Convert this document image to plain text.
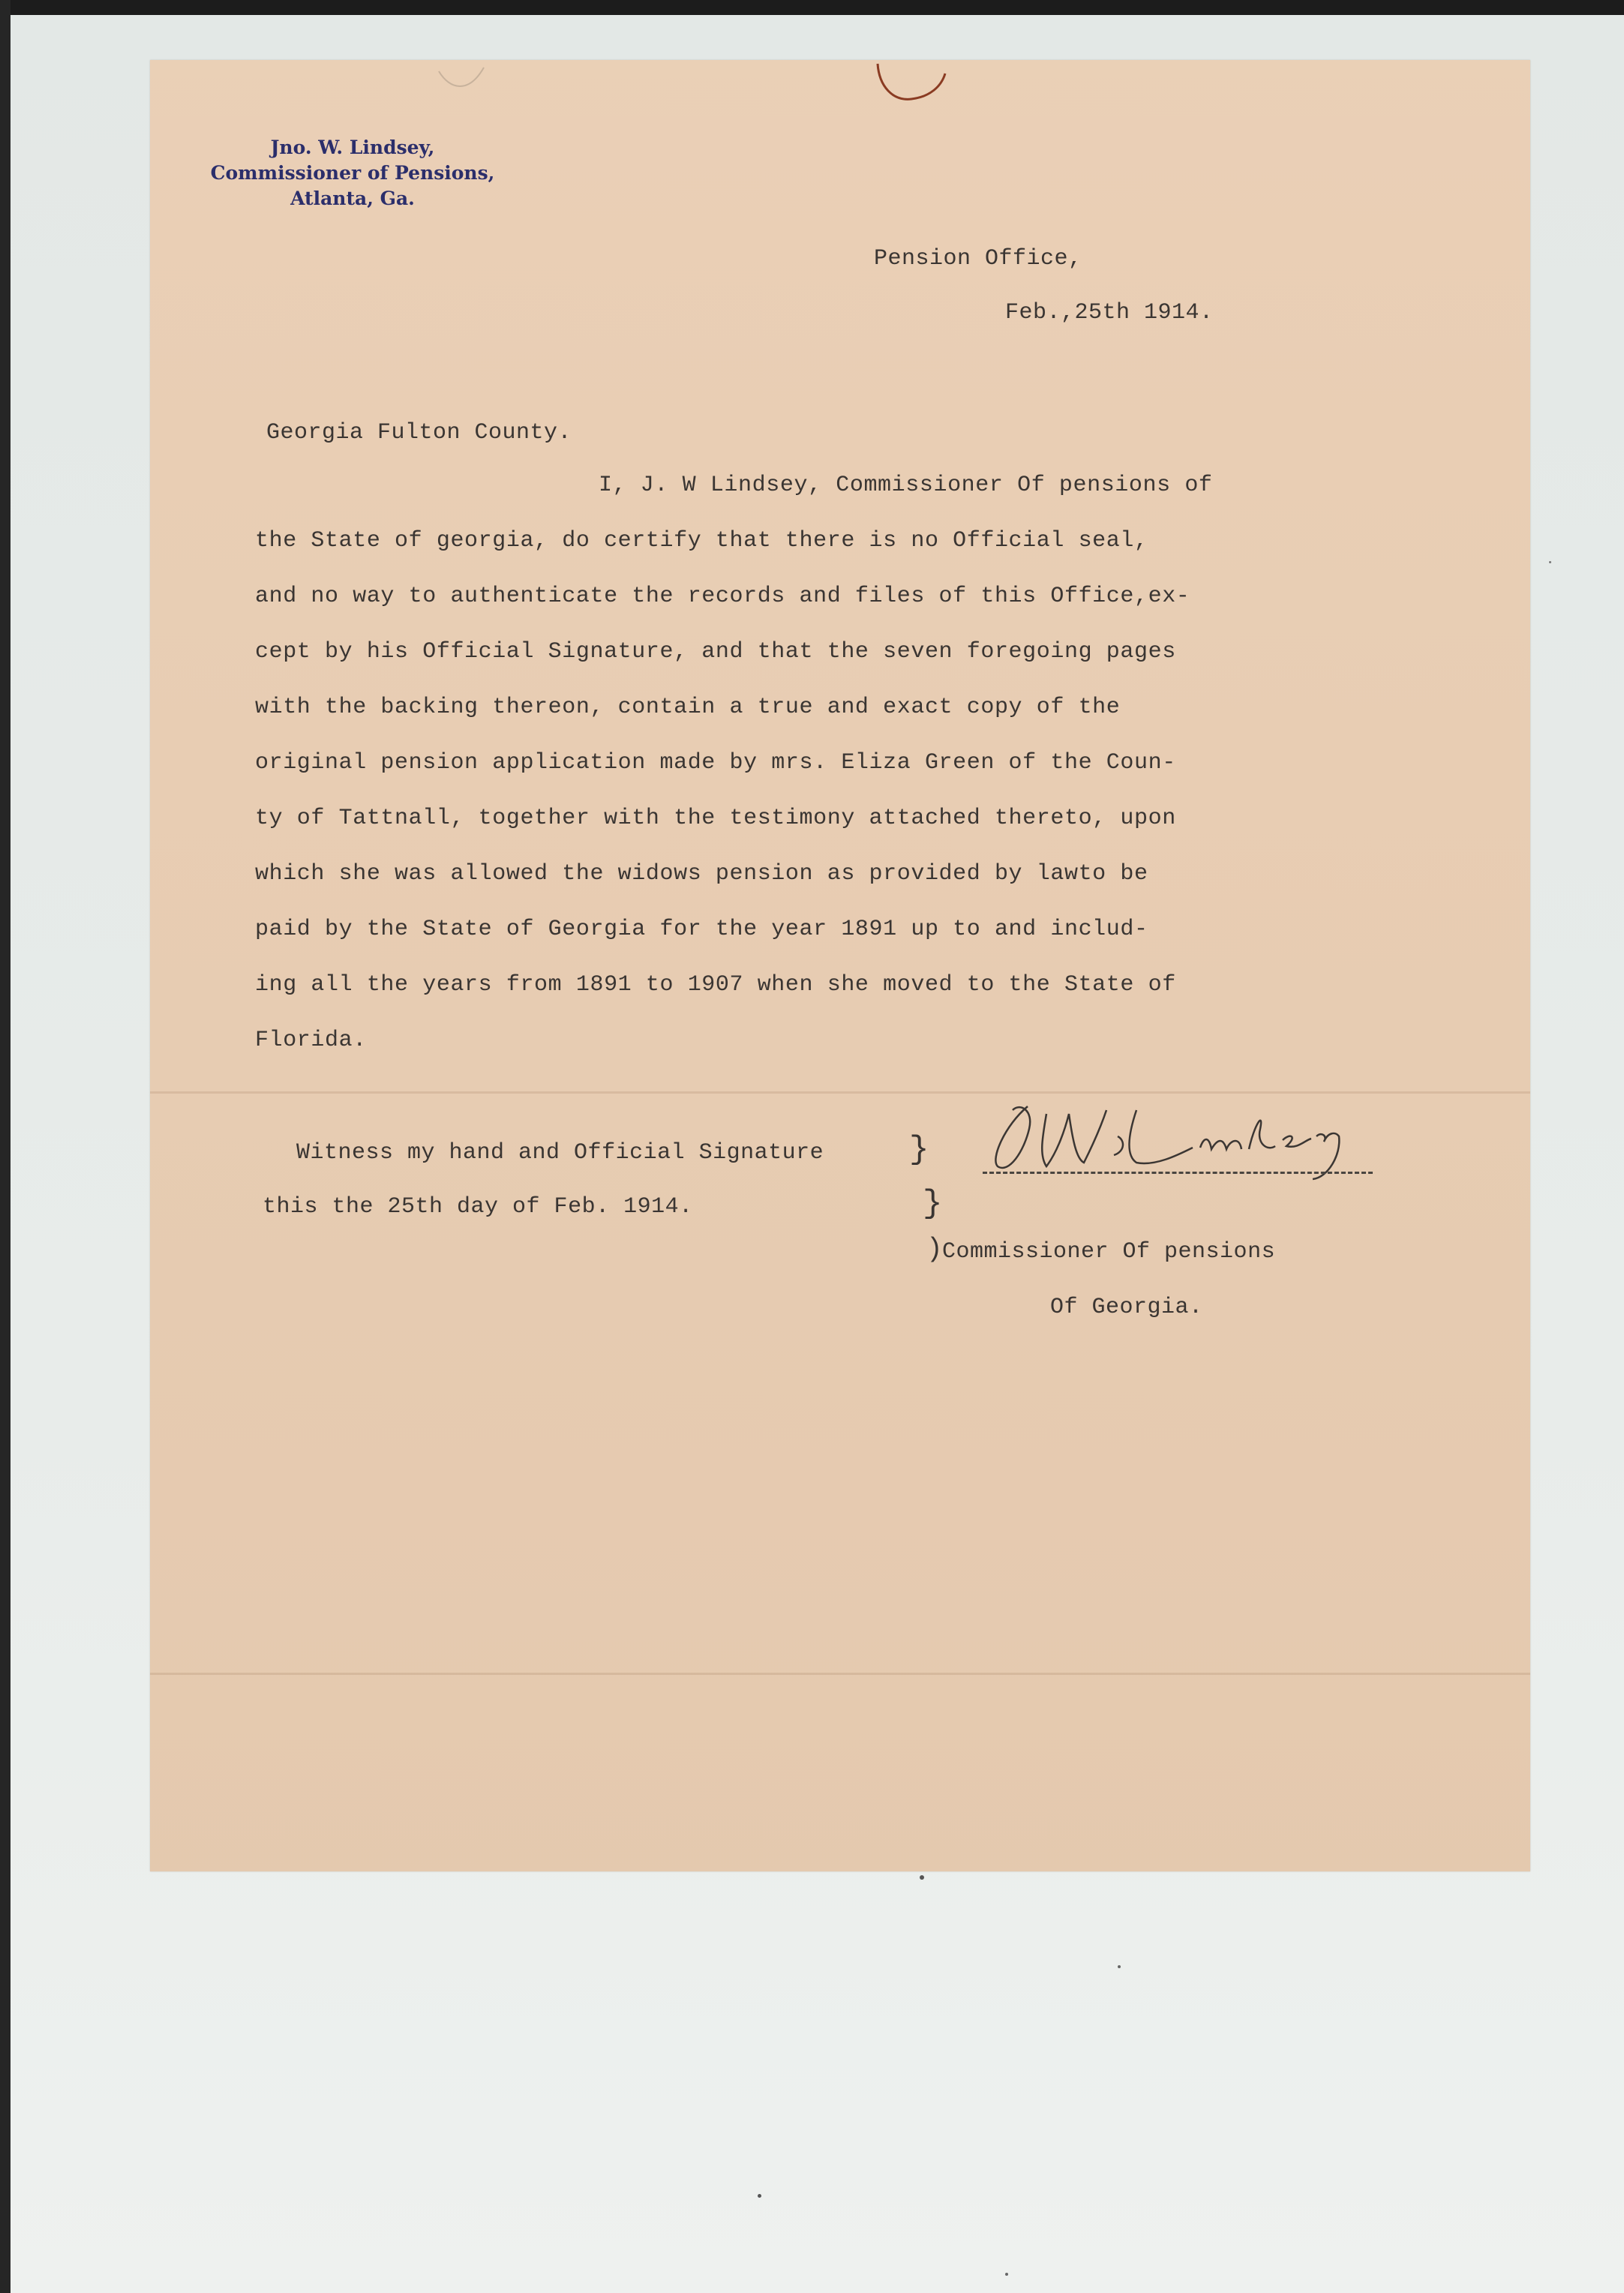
Jno. W. Lindsey,
Commissioner of Pensions,
Atlanta, Ga.
Pension Office,
Feb.,25th 1914.
Georgia Fulton County.
I, J. W Lindsey, Commissioner Of pensions of
the State of georgia, do certify that there is no Official seal,
and no way to authenticate the records and files of this Office,ex-
cept by his Official Signature, and that the seven foregoing pages
with the backing thereon, contain a true and exact copy of the
original pension application made by mrs. Eliza Green of the Coun-
ty of Tattnall, together with the testimony attached thereto, upon
which she was allowed the widows pension as provided by lawto be
paid by the State of Georgia for the year 1891 up to and includ-
ing all the years from 1891 to 1907 when she moved to the State of
Florida.
Witness my hand and Official Signature
this the 25th day of Feb. 1914.
}
}
) Commissioner Of pensions
Of Georgia.
